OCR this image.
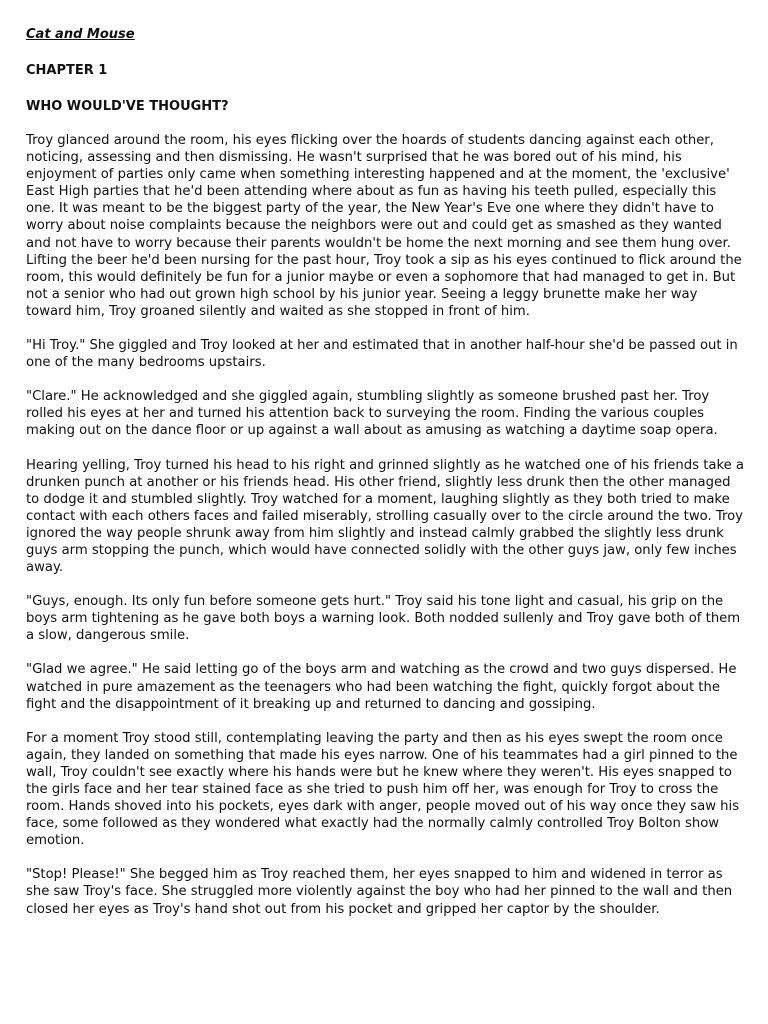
Cat and Mouse
CHAPTER 1
WHO WOULD'VE THOUGHT?

Troy glanced around the room, his eyes flicking over the hoards of students dancing against each other, noticing, assessing and then dismissing. He wasn't surprised that he was bored out of his mind, his enjoyment of parties only came when something interesting happened and at the moment, the 'exclusive' East High parties that he'd been attending where about as fun as having his teeth pulled, especially this one. It was meant to be the biggest party of the year, the New Year's Eve one where they didn't have to worry about noise complaints because the neighbors were out and could get as smashed as they wanted and not have to worry because their parents wouldn't be home the next morning and see them hung over. Lifting the beer he'd been nursing for the past hour, Troy took a sip as his eyes continued to flick around the room, this would definitely be fun for a junior maybe or even a sophomore that had managed to get in. But not a senior who had out grown high school by his junior year. Seeing a leggy brunette make her way toward him, Troy groaned silently and waited as she stopped in front of him.

"Hi Troy." She giggled and Troy looked at her and estimated that in another half-hour she'd be passed out in one of the many bedrooms upstairs.

"Clare." He acknowledged and she giggled again, stumbling slightly as someone brushed past her. Troy rolled his eyes at her and turned his attention back to surveying the room. Finding the various couples making out on the dance floor or up against a wall about as amusing as watching a daytime soap opera.

Hearing yelling, Troy turned his head to his right and grinned slightly as he watched one of his friends take a drunken punch at another or his friends head. His other friend, slightly less drunk then the other managed to dodge it and stumbled slightly. Troy watched for a moment, laughing slightly as they both tried to make contact with each others faces and failed miserably, strolling casually over to the circle around the two. Troy ignored the way people shrunk away from him slightly and instead calmly grabbed the slightly less drunk guys arm stopping the punch, which would have connected solidly with the other guys jaw, only few inches away.

"Guys, enough. Its only fun before someone gets hurt." Troy said his tone light and casual, his grip on the boys arm tightening as he gave both boys a warning look. Both nodded sullenly and Troy gave both of them a slow, dangerous smile.

"Glad we agree." He said letting go of the boys arm and watching as the crowd and two guys dispersed. He watched in pure amazement as the teenagers who had been watching the fight, quickly forgot about the fight and the disappointment of it breaking up and returned to dancing and gossiping.

For a moment Troy stood still, contemplating leaving the party and then as his eyes swept the room once again, they landed on something that made his eyes narrow. One of his teammates had a girl pinned to the wall, Troy couldn't see exactly where his hands were but he knew where they weren't. His eyes snapped to the girls face and her tear stained face as she tried to push him off her, was enough for Troy to cross the room. Hands shoved into his pockets, eyes dark with anger, people moved out of his way once they saw his face, some followed as they wondered what exactly had the normally calmly controlled Troy Bolton show emotion.

"Stop! Please!" She begged him as Troy reached them, her eyes snapped to him and widened in terror as she saw Troy's face. She struggled more violently against the boy who had her pinned to the wall and then closed her eyes as Troy's hand shot out from his pocket and gripped her captor by the shoulder.
